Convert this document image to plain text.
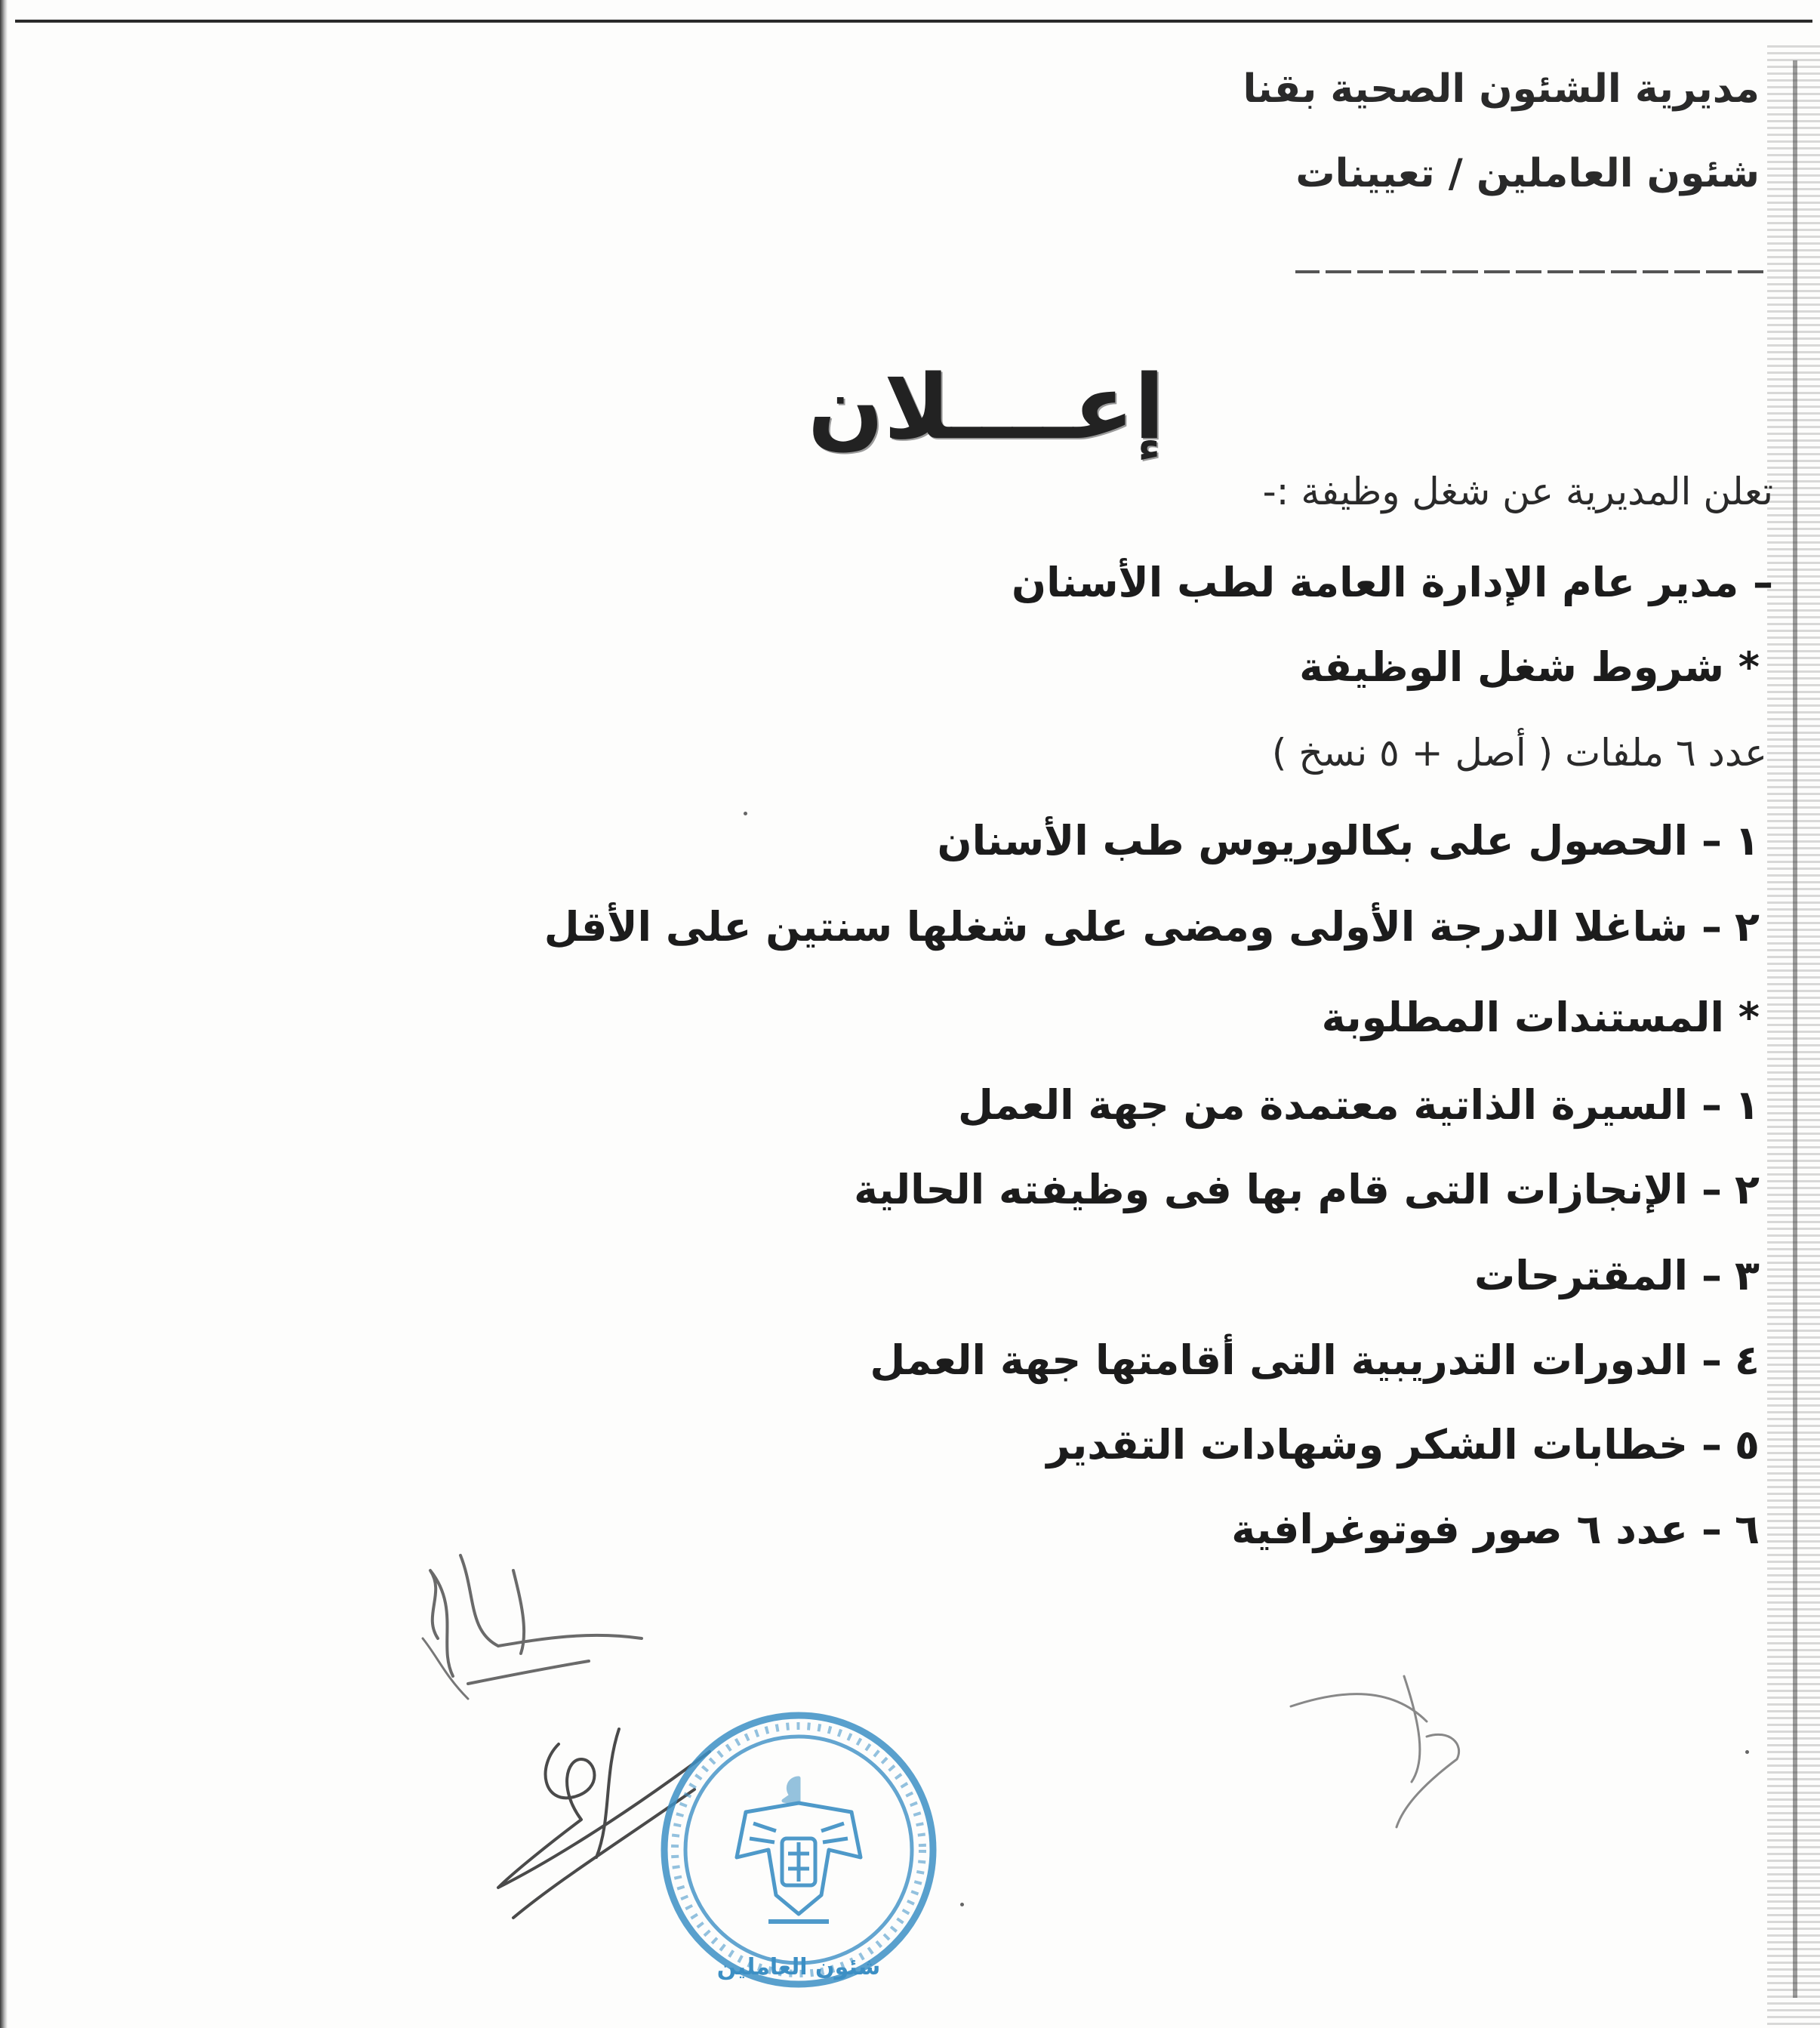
مديرية الشئون الصحية بقنا

شئون العاملين / تعيينات

إعــــلان

تعلن المديرية عن شغل وظيفة :-

– مدير عام الإدارة العامة لطب الأسنان

* شروط شغل الوظيفة

عدد ٦ ملفات ( أصل + ٥ نسخ )

١–الحصول على بكالوريوس طب الأسنان

٢–شاغلا الدرجة الأولى ومضى على شغلها سنتين على الأقل

* المستندات المطلوبة

١–السيرة الذاتية معتمدة من جهة العمل

٢–الإنجازات التى قام بها فى وظيفته الحالية

٣–المقترحات

٤–الدورات التدريبية التى أقامتها جهة العمل

٥–خطابات الشكر وشهادات التقدير

٦–عدد ٦ صور فوتوغرافية

شئون العاملين
